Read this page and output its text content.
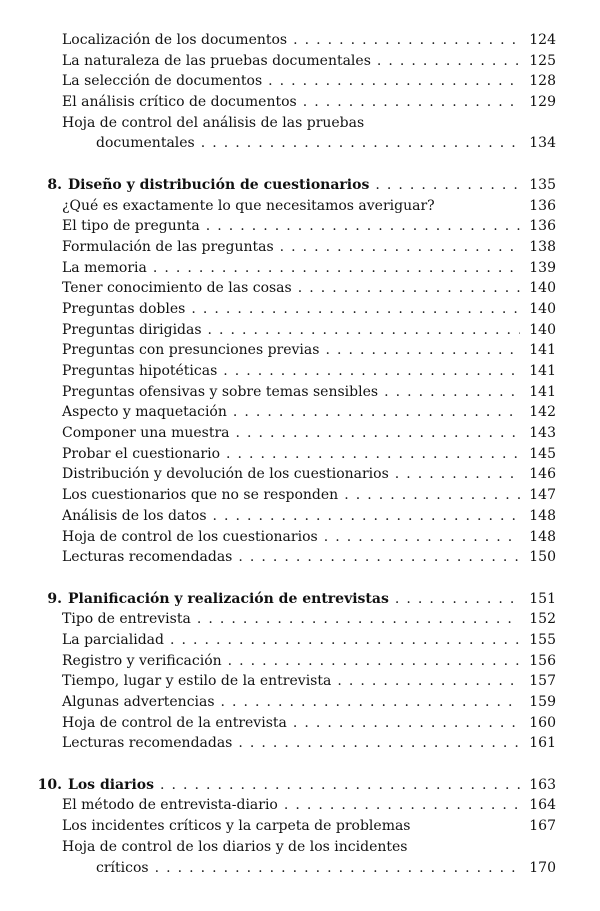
Localización de los documentos . . .	124
La naturaleza de las pruebas documentales . . .	125
La selección de documentos . . .	128
El análisis crítico de documentos . . .	129
Hoja de control del análisis de las pruebas
documentales . . .	134
8. Diseño y distribución de cuestionarios . . .	135
¿Qué es exactamente lo que necesitamos averiguar?	136
El tipo de pregunta . . .	136
Formulación de las preguntas . . .	138
La memoria . . .	139
Tener conocimiento de las cosas . . .	140
Preguntas dobles . . .	140
Preguntas dirigidas . . .	140
Preguntas con presunciones previas . . .	141
Preguntas hipotéticas . . .	141
Preguntas ofensivas y sobre temas sensibles . . .	141
Aspecto y maquetación . . .	142
Componer una muestra . . .	143
Probar el cuestionario . . .	145
Distribución y devolución de los cuestionarios . . .	146
Los cuestionarios que no se responden . . .	147
Análisis de los datos . . .	148
Hoja de control de los cuestionarios . . .	148
Lecturas recomendadas . . .	150
9. Planificación y realización de entrevistas . . .	151
Tipo de entrevista . . .	152
La parcialidad . . .	155
Registro y verificación . . .	156
Tiempo, lugar y estilo de la entrevista . . .	157
Algunas advertencias . . .	159
Hoja de control de la entrevista . . .	160
Lecturas recomendadas . . .	161
10. Los diarios . . .	163
El método de entrevista-diario . . .	164
Los incidentes críticos y la carpeta de problemas	167
Hoja de control de los diarios y de los incidentes
críticos . . .	170
